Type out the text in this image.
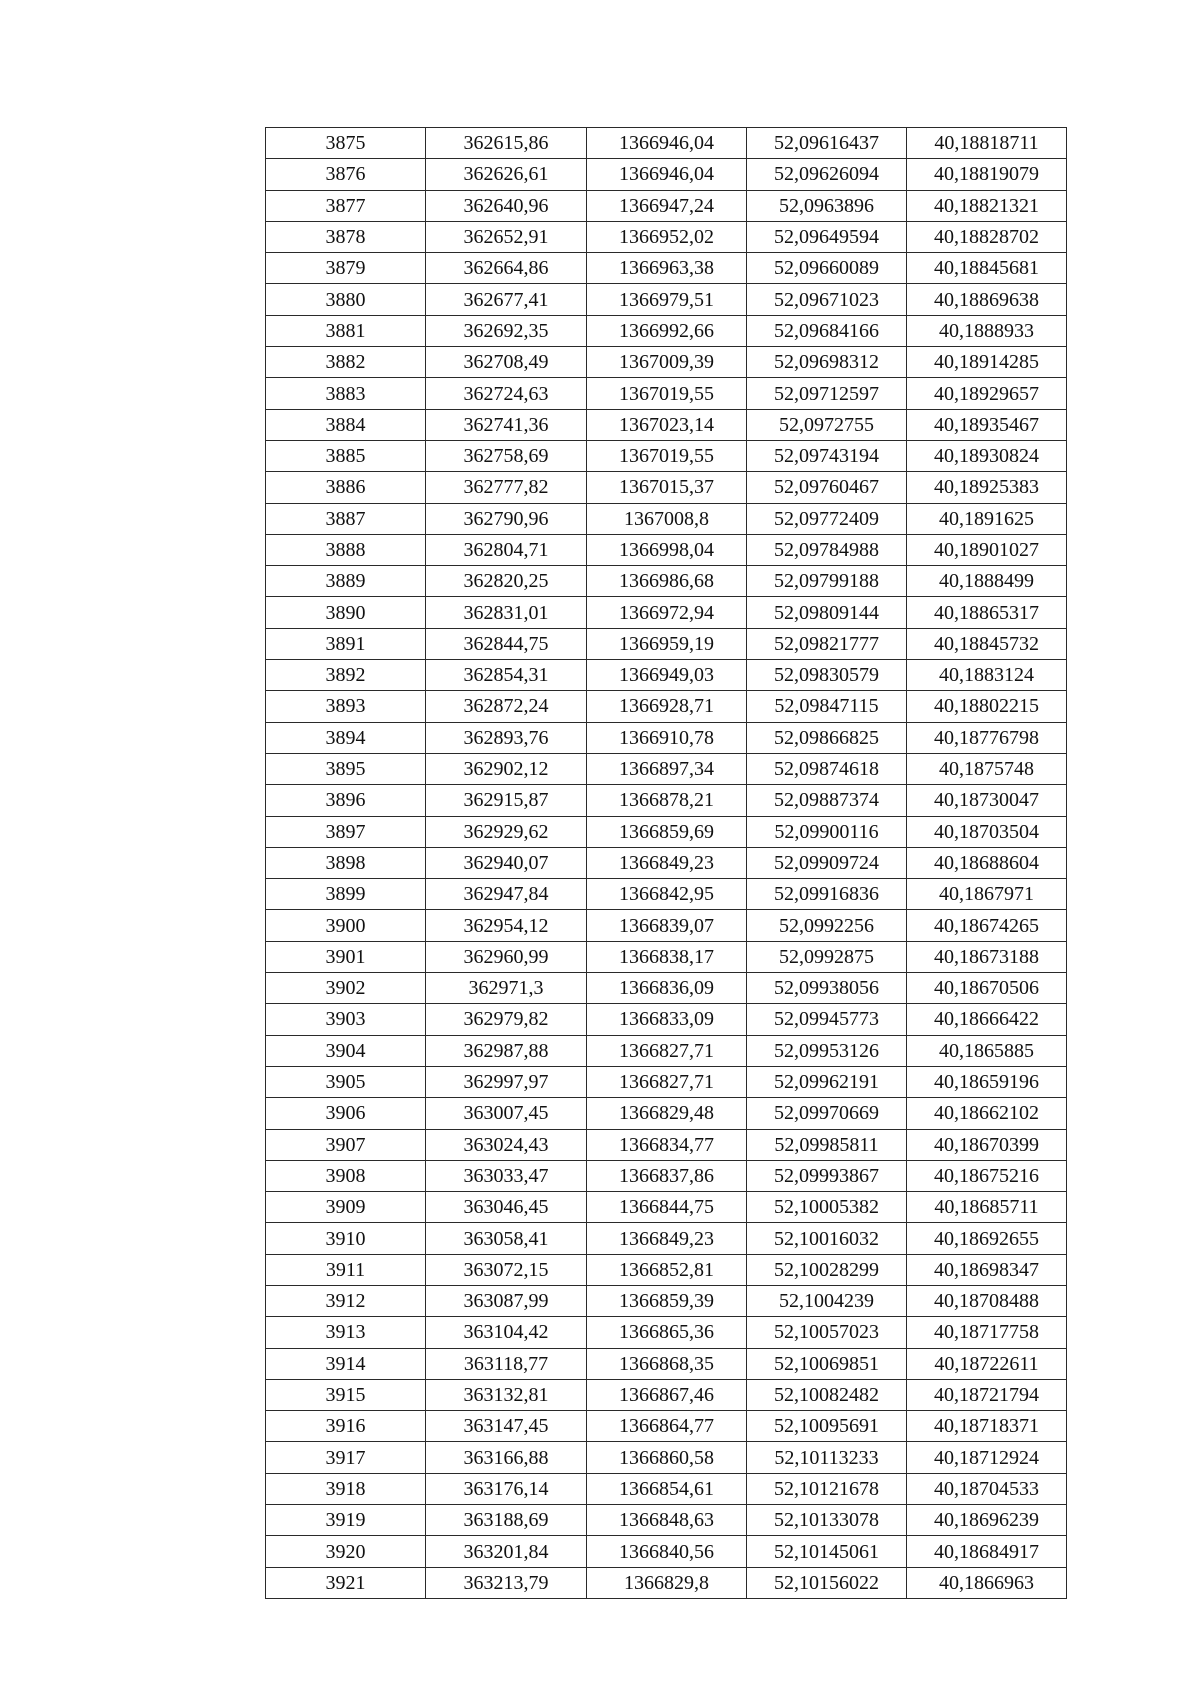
3875	362615,86	1366946,04	52,09616437	40,18818711
3876	362626,61	1366946,04	52,09626094	40,18819079
3877	362640,96	1366947,24	52,0963896	40,18821321
3878	362652,91	1366952,02	52,09649594	40,18828702
3879	362664,86	1366963,38	52,09660089	40,18845681
3880	362677,41	1366979,51	52,09671023	40,18869638
3881	362692,35	1366992,66	52,09684166	40,1888933
3882	362708,49	1367009,39	52,09698312	40,18914285
3883	362724,63	1367019,55	52,09712597	40,18929657
3884	362741,36	1367023,14	52,0972755	40,18935467
3885	362758,69	1367019,55	52,09743194	40,18930824
3886	362777,82	1367015,37	52,09760467	40,18925383
3887	362790,96	1367008,8	52,09772409	40,1891625
3888	362804,71	1366998,04	52,09784988	40,18901027
3889	362820,25	1366986,68	52,09799188	40,1888499
3890	362831,01	1366972,94	52,09809144	40,18865317
3891	362844,75	1366959,19	52,09821777	40,18845732
3892	362854,31	1366949,03	52,09830579	40,1883124
3893	362872,24	1366928,71	52,09847115	40,18802215
3894	362893,76	1366910,78	52,09866825	40,18776798
3895	362902,12	1366897,34	52,09874618	40,1875748
3896	362915,87	1366878,21	52,09887374	40,18730047
3897	362929,62	1366859,69	52,09900116	40,18703504
3898	362940,07	1366849,23	52,09909724	40,18688604
3899	362947,84	1366842,95	52,09916836	40,1867971
3900	362954,12	1366839,07	52,0992256	40,18674265
3901	362960,99	1366838,17	52,0992875	40,18673188
3902	362971,3	1366836,09	52,09938056	40,18670506
3903	362979,82	1366833,09	52,09945773	40,18666422
3904	362987,88	1366827,71	52,09953126	40,1865885
3905	362997,97	1366827,71	52,09962191	40,18659196
3906	363007,45	1366829,48	52,09970669	40,18662102
3907	363024,43	1366834,77	52,09985811	40,18670399
3908	363033,47	1366837,86	52,09993867	40,18675216
3909	363046,45	1366844,75	52,10005382	40,18685711
3910	363058,41	1366849,23	52,10016032	40,18692655
3911	363072,15	1366852,81	52,10028299	40,18698347
3912	363087,99	1366859,39	52,1004239	40,18708488
3913	363104,42	1366865,36	52,10057023	40,18717758
3914	363118,77	1366868,35	52,10069851	40,18722611
3915	363132,81	1366867,46	52,10082482	40,18721794
3916	363147,45	1366864,77	52,10095691	40,18718371
3917	363166,88	1366860,58	52,10113233	40,18712924
3918	363176,14	1366854,61	52,10121678	40,18704533
3919	363188,69	1366848,63	52,10133078	40,18696239
3920	363201,84	1366840,56	52,10145061	40,18684917
3921	363213,79	1366829,8	52,10156022	40,1866963
